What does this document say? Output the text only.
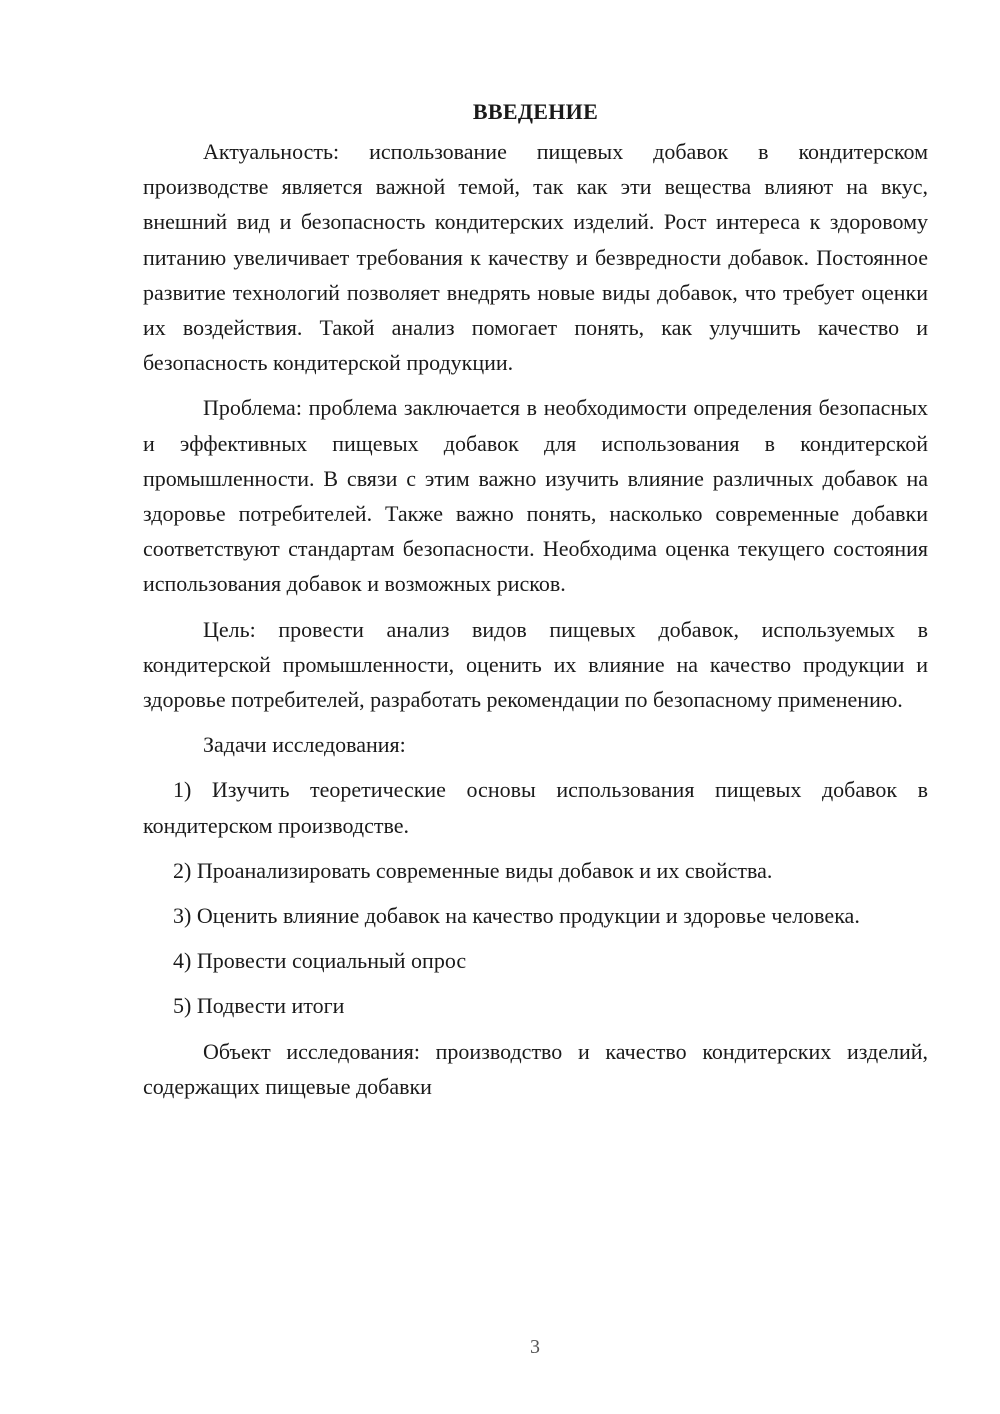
ВВЕДЕНИЕ

Актуальность: использование пищевых добавок в кондитерском производстве является важной темой, так как эти вещества влияют на вкус, внешний вид и безопасность кондитерских изделий. Рост интереса к здоровому питанию увеличивает требования к качеству и безвредности добавок. Постоянное развитие технологий позволяет внедрять новые виды добавок, что требует оценки их воздействия. Такой анализ помогает понять, как улучшить качество и безопасность кондитерской продукции.

Проблема: проблема заключается в необходимости определения безопасных и эффективных пищевых добавок для использования в кондитерской промышленности. В связи с этим важно изучить влияние различных добавок на здоровье потребителей. Также важно понять, насколько современные добавки соответствуют стандартам безопасности. Необходима оценка текущего состояния использования добавок и возможных рисков.

Цель: провести анализ видов пищевых добавок, используемых в кондитерской промышленности, оценить их влияние на качество продукции и здоровье потребителей, разработать рекомендации по безопасному применению.

Задачи исследования:

1) Изучить теоретические основы использования пищевых добавок в кондитерском производстве.

2) Проанализировать современные виды добавок и их свойства.

3) Оценить влияние добавок на качество продукции и здоровье человека.

4) Провести социальный опрос

5) Подвести итоги

Объект исследования: производство и качество кондитерских изделий, содержащих пищевые добавки

3
